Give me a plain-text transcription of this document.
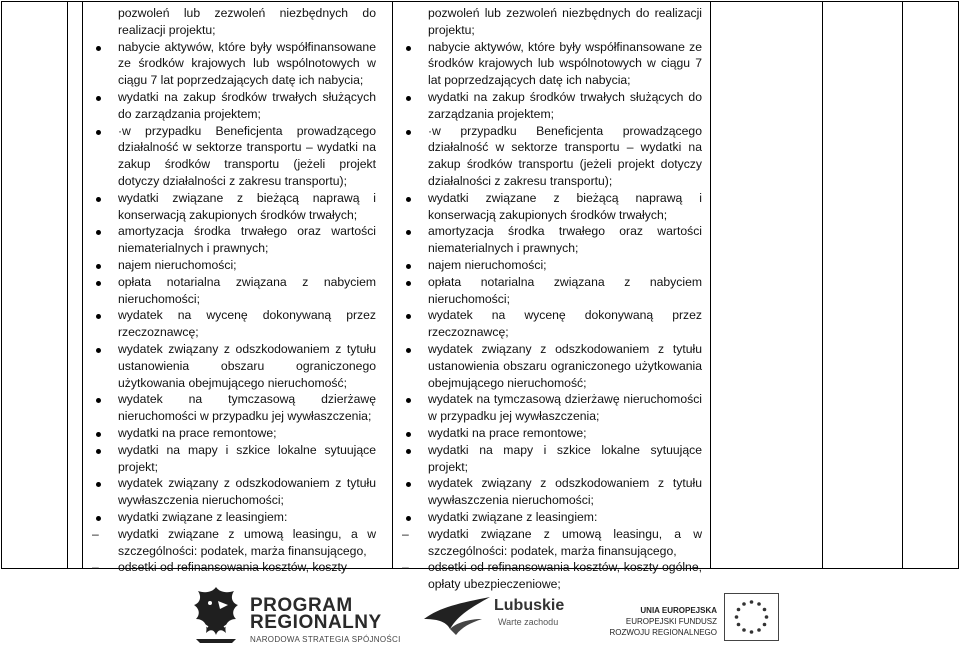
pozwoleń lub zezwoleń niezbędnych do realizacji projektu;

nabycie aktywów, które były współfinansowane ze środków krajowych lub wspólnotowych w ciągu 7 lat poprzedzających datę ich nabycia;

wydatki na zakup środków trwałych służących do zarządzania projektem;

·w przypadku Beneficjenta prowadzącego działalność w sektorze transportu – wydatki na zakup środków transportu (jeżeli projekt dotyczy działalności z zakresu transportu);

wydatki związane z bieżącą naprawą i konserwacją zakupionych środków trwałych;

amortyzacja środka trwałego oraz wartości niematerialnych i prawnych;

najem nieruchomości;

opłata notarialna związana z nabyciem nieruchomości;

wydatek na wycenę dokonywaną przez rzeczoznawcę;

wydatek związany z odszkodowaniem z tytułu ustanowienia obszaru ograniczonego użytkowania obejmującego nieruchomość;

wydatek na tymczasową dzierżawę nieruchomości w przypadku jej wywłaszczenia;

wydatki na prace remontowe;

wydatki na mapy i szkice lokalne sytuujące projekt;

wydatek związany z odszkodowaniem z tytułu wywłaszczenia nieruchomości;

wydatki związane z leasingiem:

– wydatki związane z umową leasingu, a w szczególności: podatek, marża finansującego,

– odsetki od refinansowania kosztów, koszty

pozwoleń lub zezwoleń niezbędnych do realizacji projektu;

nabycie aktywów, które były współfinansowane ze środków krajowych lub wspólnotowych w ciągu 7 lat poprzedzających datę ich nabycia;

wydatki na zakup środków trwałych służących do zarządzania projektem;

·w przypadku Beneficjenta prowadzącego działalność w sektorze transportu – wydatki na zakup środków transportu (jeżeli projekt dotyczy działalności z zakresu transportu);

wydatki związane z bieżącą naprawą i konserwacją zakupionych środków trwałych;

amortyzacja środka trwałego oraz wartości niematerialnych i prawnych;

najem nieruchomości;

opłata notarialna związana z nabyciem nieruchomości;

wydatek na wycenę dokonywaną przez rzeczoznawcę;

wydatek związany z odszkodowaniem z tytułu ustanowienia obszaru ograniczonego użytkowania obejmującego nieruchomość;

wydatek na tymczasową dzierżawę nieruchomości w przypadku jej wywłaszczenia;

wydatki na prace remontowe;

wydatki na mapy i szkice lokalne sytuujące projekt;

wydatek związany z odszkodowaniem z tytułu wywłaszczenia nieruchomości;

wydatki związane z leasingiem:

– wydatki związane z umową leasingu, a w szczególności: podatek, marża finansującego,

– odsetki od refinansowania kosztów, koszty ogólne, opłaty ubezpieczeniowe;

PROGRAM
REGIONALNY
NARODOWA STRATEGIA SPÓJNOŚCI
Lubuskie
Warte zachodu
UNIA EUROPEJSKA
EUROPEJSKI FUNDUSZ
ROZWOJU REGIONALNEGO
